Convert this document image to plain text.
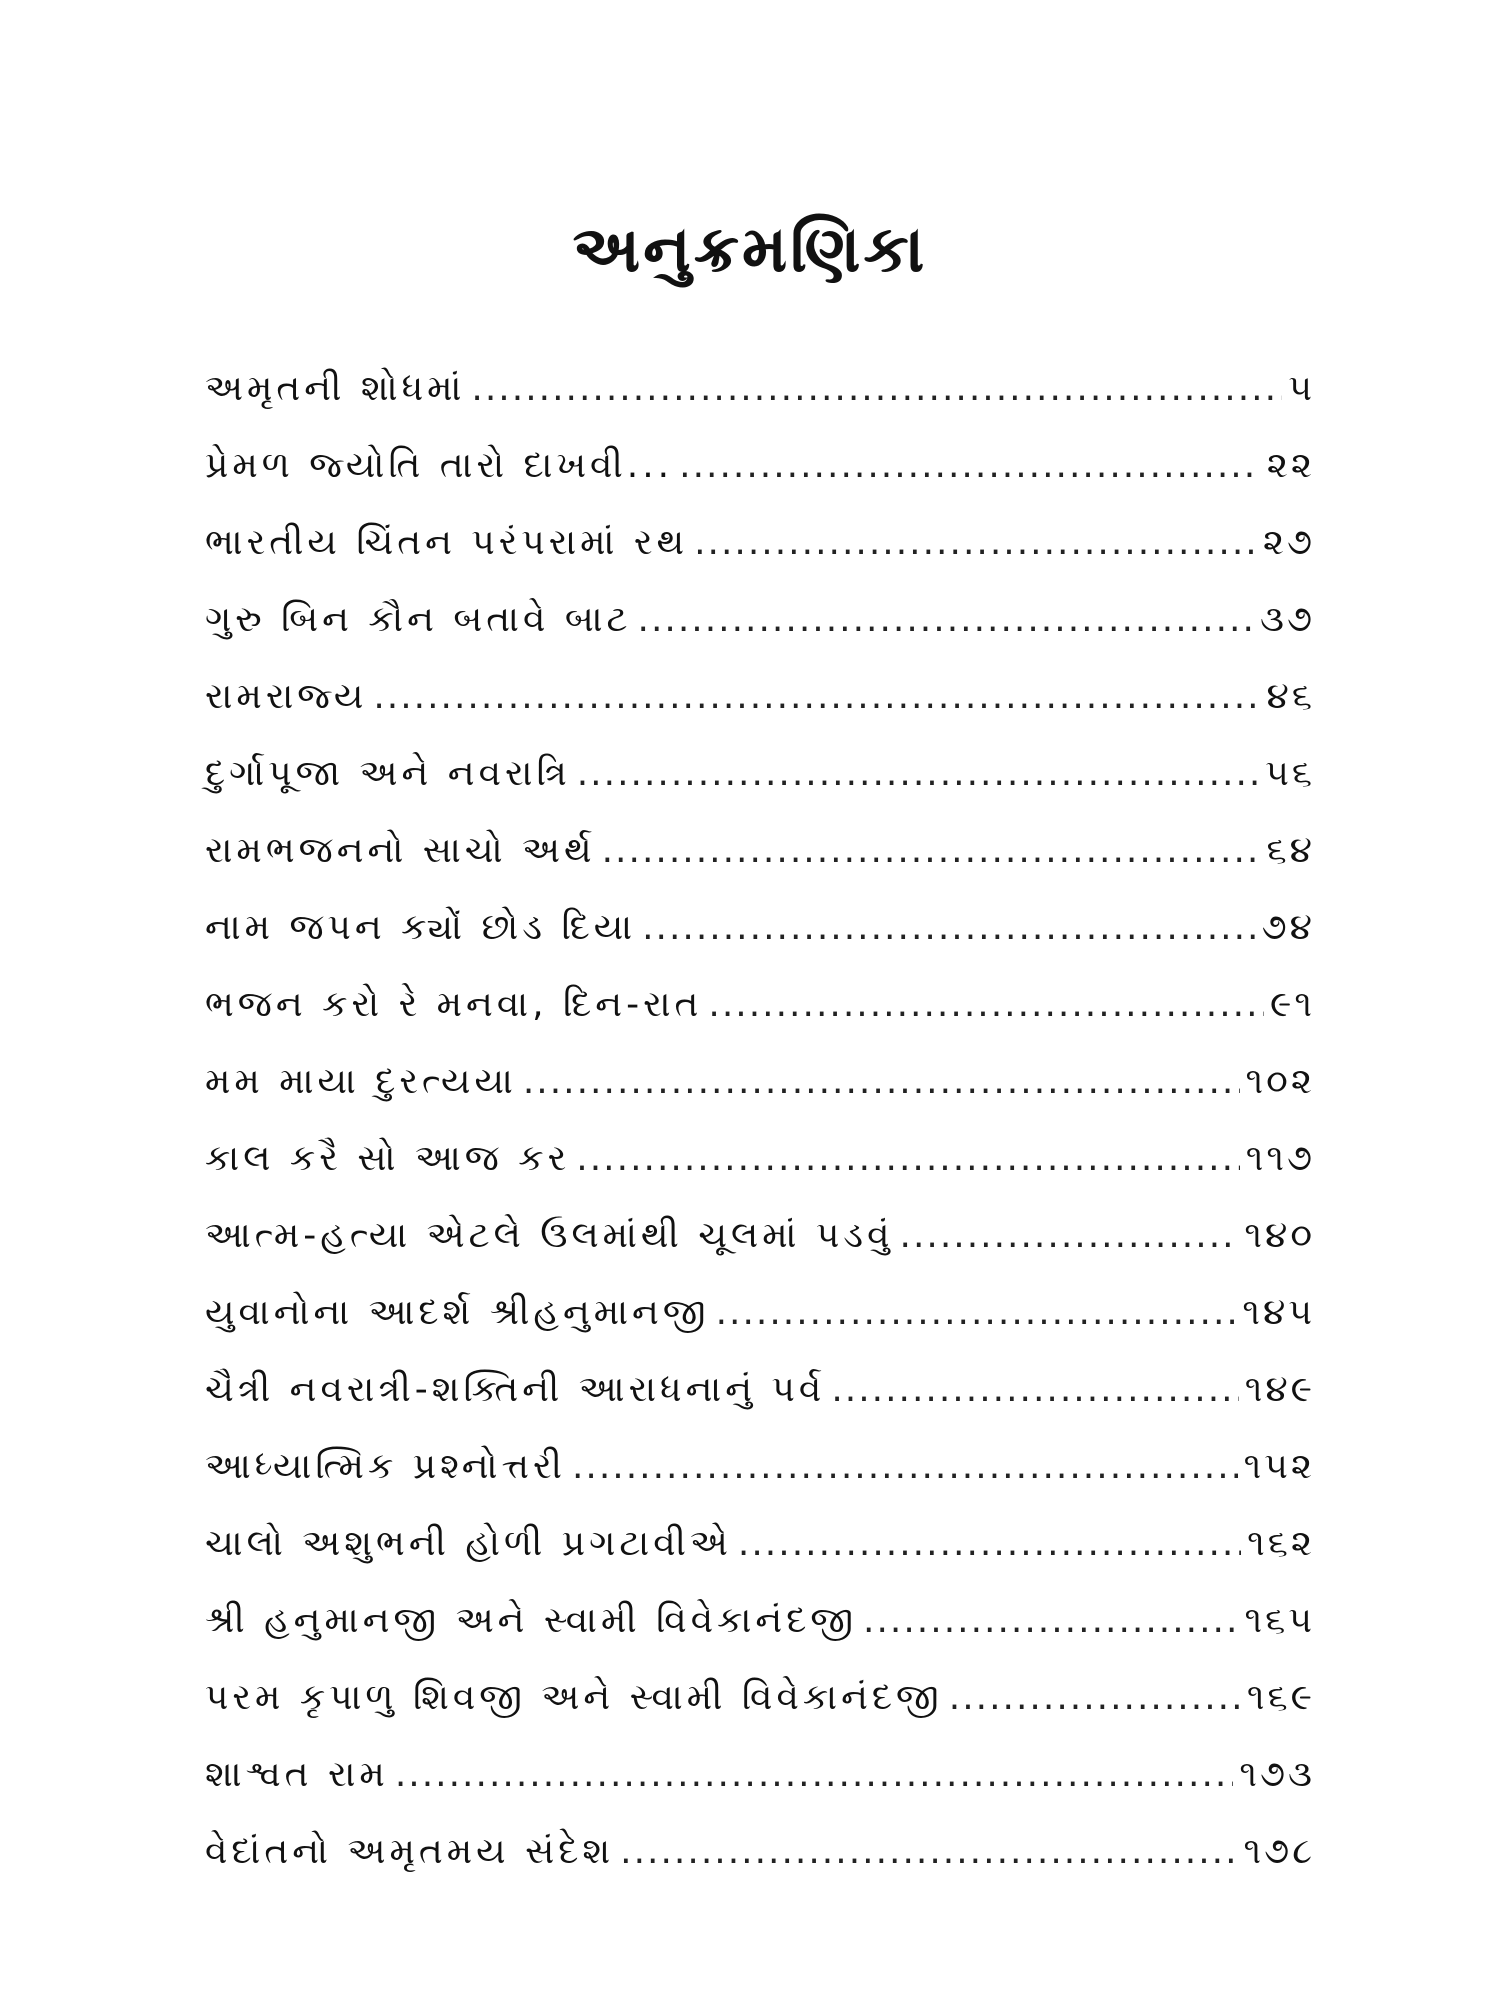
અનુક્રમણિકા
અમૃતની શોધમાં .....	૫
પ્રેમળ જ્યોતિ તારો દાખવી... .....	૨૨
ભારતીય ચિંતન પરંપરામાં રથ .....	૨૭
ગુરુ બિન કૌન બતાવે બાટ .....	૩૭
રામરાજ્ય .....	૪૬
દુર્ગાપૂજા અને નવરાત્રિ .....	૫૬
રામભજનનો સાચો અર્થ .....	૬૪
નામ જપન ક્યોં છોડ દિયા .....	૭૪
ભજન કરો રે મનવા, દિન-રાત .....	૯૧
મમ માયા દુરત્યયા .....	૧૦૨
કાલ કરૈ સો આજ કર .....	૧૧૭
આત્મ-હત્યા એટલે ઉલમાંથી ચૂલમાં પડવું .....	૧૪૦
યુવાનોના આદર્શ શ્રીહનુમાનજી .....	૧૪૫
ચૈત્રી નવરાત્રી-શક્તિની આરાધનાનું પર્વ .....	૧૪૯
આધ્યાત્મિક પ્રશ્નોત્તરી .....	૧૫૨
ચાલો અશુભની હોળી પ્રગટાવીએ .....	૧૬૨
શ્રી હનુમાનજી અને સ્વામી વિવેકાનંદજી .....	૧૬૫
પરમ કૃપાળુ શિવજી અને સ્વામી વિવેકાનંદજી .....	૧૬૯
શાશ્વત રામ .....	૧૭૩
વેદાંતનો અમૃતમય સંદેશ .....	૧૭૮
